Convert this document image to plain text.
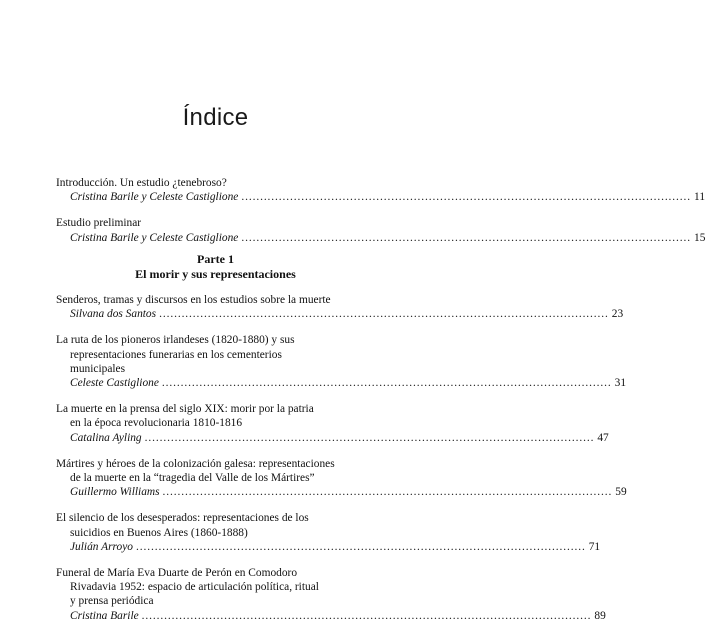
Índice
Introducción. Un estudio ¿tenebroso?
Cristina Barile y Celeste Castiglione ........................................................................................................................ 11
Estudio preliminar
Cristina Barile y Celeste Castiglione ........................................................................................................................ 15
Parte 1
El morir y sus representaciones
Senderos, tramas y discursos en los estudios sobre la muerte
Silvana dos Santos ........................................................................................................................ 23
La ruta de los pioneros irlandeses (1820-1880) y sus
representaciones funerarias en los cementerios
municipales
Celeste Castiglione ........................................................................................................................ 31
La muerte en la prensa del siglo XIX: morir por la patria
en la época revolucionaria 1810-1816
Catalina Ayling ........................................................................................................................ 47
Mártires y héroes de la colonización galesa: representaciones
de la muerte en la “tragedia del Valle de los Mártires”
Guillermo Williams ........................................................................................................................ 59
El silencio de los desesperados: representaciones de los
suicidios en Buenos Aires (1860-1888)
Julián Arroyo ........................................................................................................................ 71
Funeral de María Eva Duarte de Perón en Comodoro
Rivadavia 1952: espacio de articulación política, ritual
y prensa periódica
Cristina Barile ........................................................................................................................ 89
